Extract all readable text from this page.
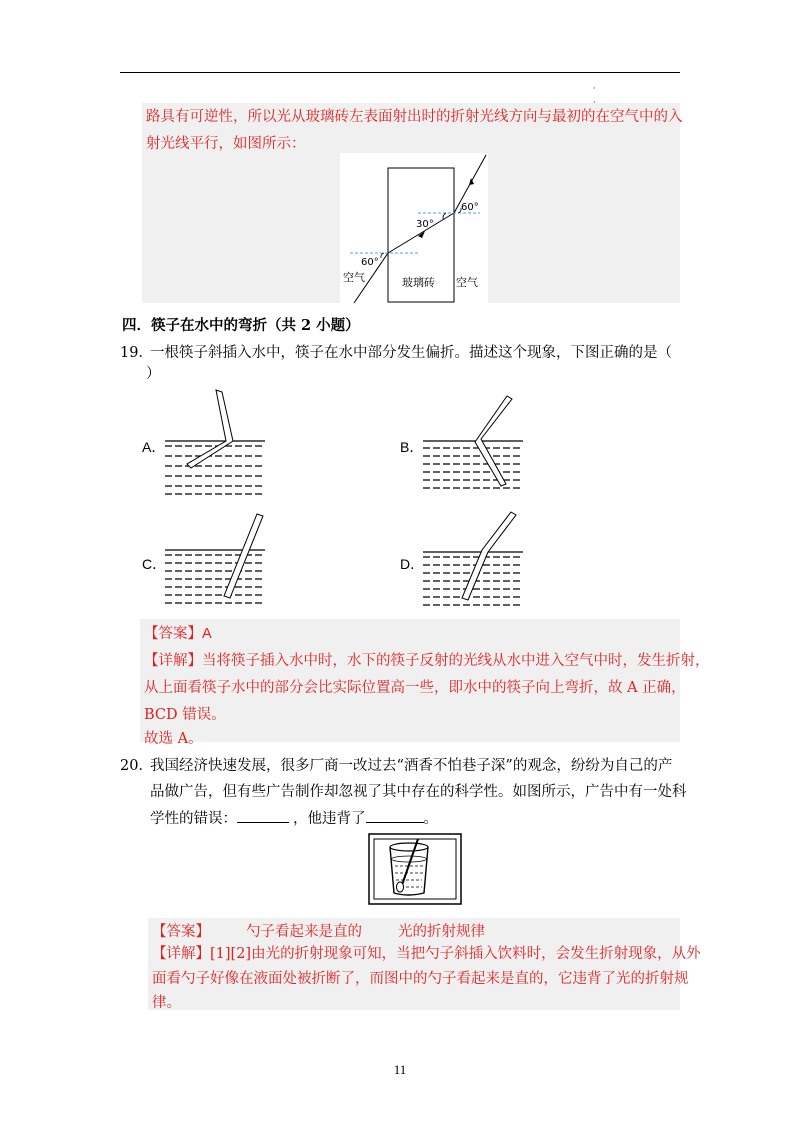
·
路具有可逆性，所以光从玻璃砖左表面射出时的折射光线方向与最初的在空气中的入
射光线平行，如图所示：
60°
30°
60°
空气	玻璃砖 空气
四．筷子在水中的弯折（共 2 小题）
19．
一根筷子斜插入水中，筷子在水中部分发生偏折。描述这个现象，下图正确的是（
）
A．	B．
C．	D．
【答案】A
【详解】当将筷子插入水中时，水下的筷子反射的光线从水中进入空气中时，发生折射，
从上面看筷子水中的部分会比实际位置高一些，即水中的筷子向上弯折，故 A 正确，
BCD 错误。
故选 A。
20．
我国经济快速发展，很多厂商一改过去“酒香不怕巷子深”的观念，纷纷为自己的产
品做广告，但有些广告制作却忽视了其中存在的科学性。如图所示，广告中有一处科
学性的错误：	，他违背了	。
【答案】 勺子看起来是直的 光的折射规律
【详解】[1][2]由光的折射现象可知，当把勺子斜插入饮料时，会发生折射现象，从外
面看勺子好像在液面处被折断了，而图中的勺子看起来是直的，它违背了光的折射规
律。
11
